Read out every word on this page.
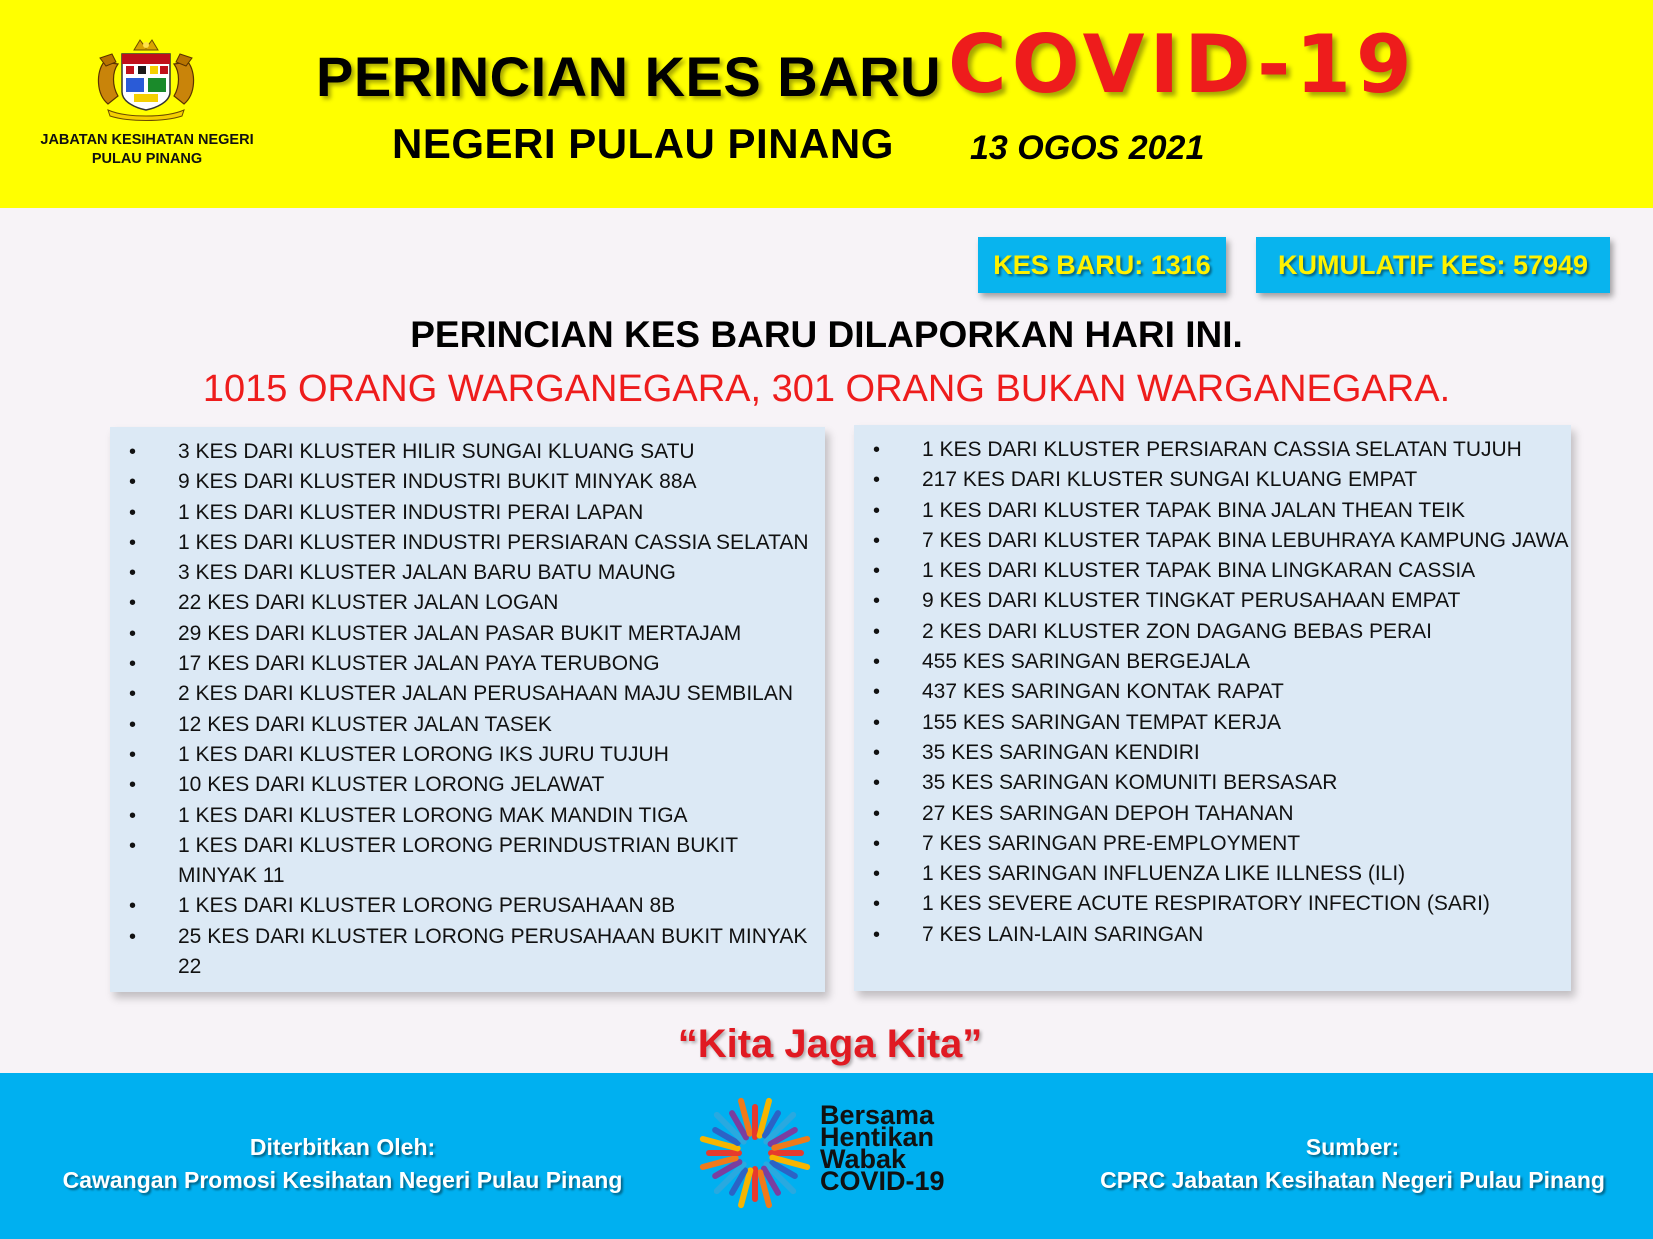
JABATAN KESIHATAN NEGERI PULAU PINANG
PERINCIAN KES BARU COVID-19
NEGERI PULAU PINANG 13 OGOS 2021
KES BARU: 1316	KUMULATIF KES: 57949
PERINCIAN KES BARU DILAPORKAN HARI INI.
1015 ORANG WARGANEGARA, 301 ORANG BUKAN WARGANEGARA.
• 3 KES DARI KLUSTER HILIR SUNGAI KLUANG SATU
• 9 KES DARI KLUSTER INDUSTRI BUKIT MINYAK 88A
• 1 KES DARI KLUSTER INDUSTRI PERAI LAPAN
• 1 KES DARI KLUSTER INDUSTRI PERSIARAN CASSIA SELATAN
• 3 KES DARI KLUSTER JALAN BARU BATU MAUNG
• 22 KES DARI KLUSTER JALAN LOGAN
• 29 KES DARI KLUSTER JALAN PASAR BUKIT MERTAJAM
• 17 KES DARI KLUSTER JALAN PAYA TERUBONG
• 2 KES DARI KLUSTER JALAN PERUSAHAAN MAJU SEMBILAN
• 12 KES DARI KLUSTER JALAN TASEK
• 1 KES DARI KLUSTER LORONG IKS JURU TUJUH
• 10 KES DARI KLUSTER LORONG JELAWAT
• 1 KES DARI KLUSTER LORONG MAK MANDIN TIGA
• 1 KES DARI KLUSTER LORONG PERINDUSTRIAN BUKIT MINYAK 11
• 1 KES DARI KLUSTER LORONG PERUSAHAAN 8B
• 25 KES DARI KLUSTER LORONG PERUSAHAAN BUKIT MINYAK 22
• 1 KES DARI KLUSTER PERSIARAN CASSIA SELATAN TUJUH
• 217 KES DARI KLUSTER SUNGAI KLUANG EMPAT
• 1 KES DARI KLUSTER TAPAK BINA JALAN THEAN TEIK
• 7 KES DARI KLUSTER TAPAK BINA LEBUHRAYA KAMPUNG JAWA
• 1 KES DARI KLUSTER TAPAK BINA LINGKARAN CASSIA
• 9 KES DARI KLUSTER TINGKAT PERUSAHAAN EMPAT
• 2 KES DARI KLUSTER ZON DAGANG BEBAS PERAI
• 455 KES SARINGAN BERGEJALA
• 437 KES SARINGAN KONTAK RAPAT
• 155 KES SARINGAN TEMPAT KERJA
• 35 KES SARINGAN KENDIRI
• 35 KES SARINGAN KOMUNITI BERSASAR
• 27 KES SARINGAN DEPOH TAHANAN
• 7 KES SARINGAN PRE-EMPLOYMENT
• 1 KES SARINGAN INFLUENZA LIKE ILLNESS (ILI)
• 1 KES SEVERE ACUTE RESPIRATORY INFECTION (SARI)
• 7 KES LAIN-LAIN SARINGAN
“Kita Jaga Kita”
Diterbitkan Oleh:
Cawangan Promosi Kesihatan Negeri Pulau Pinang
Bersama
Hentikan
Wabak
COVID-19
Sumber:
CPRC Jabatan Kesihatan Negeri Pulau Pinang
